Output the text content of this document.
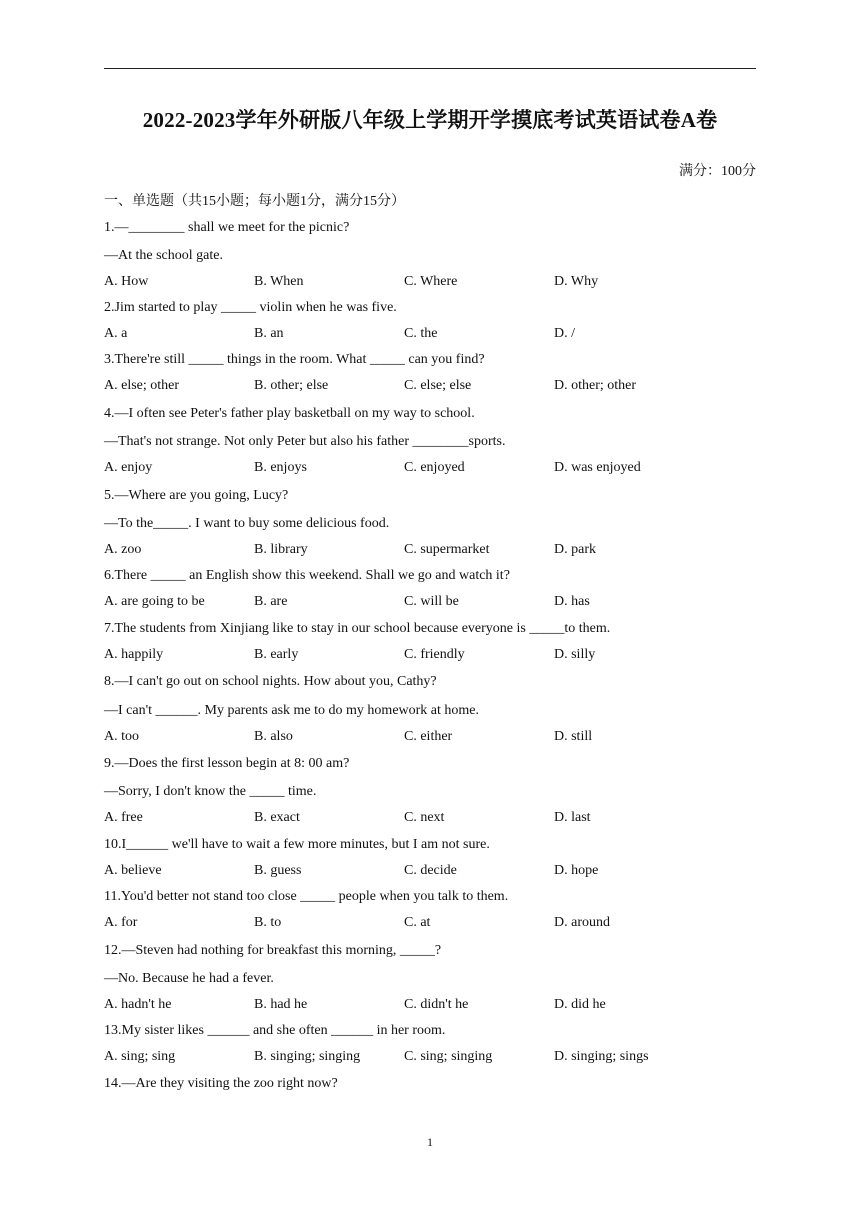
2022-2023学年外研版八年级上学期开学摸底考试英语试卷A卷
满分：100分
一、单选题（共15小题；每小题1分，满分15分）
1.—________ shall we meet for the picnic?
—At the school gate.
A. How	B. When	C. Where	D. Why
2.Jim started to play _____ violin when he was five.
A. a	B. an	C. the	D. /
3.There're still _____ things in the room. What _____ can you find?
A. else; other	B. other; else	C. else; else	D. other; other
4.—I often see Peter's father play basketball on my way to school.
—That's not strange. Not only Peter but also his father ________sports.
A. enjoy	B. enjoys	C. enjoyed	D. was enjoyed
5.—Where are you going, Lucy?
—To the_____. I want to buy some delicious food.
A. zoo	B. library	C. supermarket	D. park
6.There _____ an English show this weekend. Shall we go and watch it?
A. are going to be	B. are	C. will be	D. has
7.The students from Xinjiang like to stay in our school because everyone is _____to them.
A. happily	B. early	C. friendly	D. silly
8.—I can't go out on school nights. How about you, Cathy?
—I can't ______. My parents ask me to do my homework at home.
A. too	B. also	C. either	D. still
9.—Does the first lesson begin at 8: 00 am?
—Sorry, I don't know the _____ time.
A. free	B. exact	C. next	D. last
10.I______ we'll have to wait a few more minutes, but I am not sure.
A. believe	B. guess	C. decide	D. hope
11.You'd better not stand too close _____ people when you talk to them.
A. for	B. to	C. at	D. around
12.—Steven had nothing for breakfast this morning, _____?
—No. Because he had a fever.
A. hadn't he	B. had he	C. didn't he	D. did he
13.My sister likes ______ and she often ______ in her room.
A. sing; sing	B. singing; singing	C. sing; singing	D. singing; sings
14.—Are they visiting the zoo right now?
1
